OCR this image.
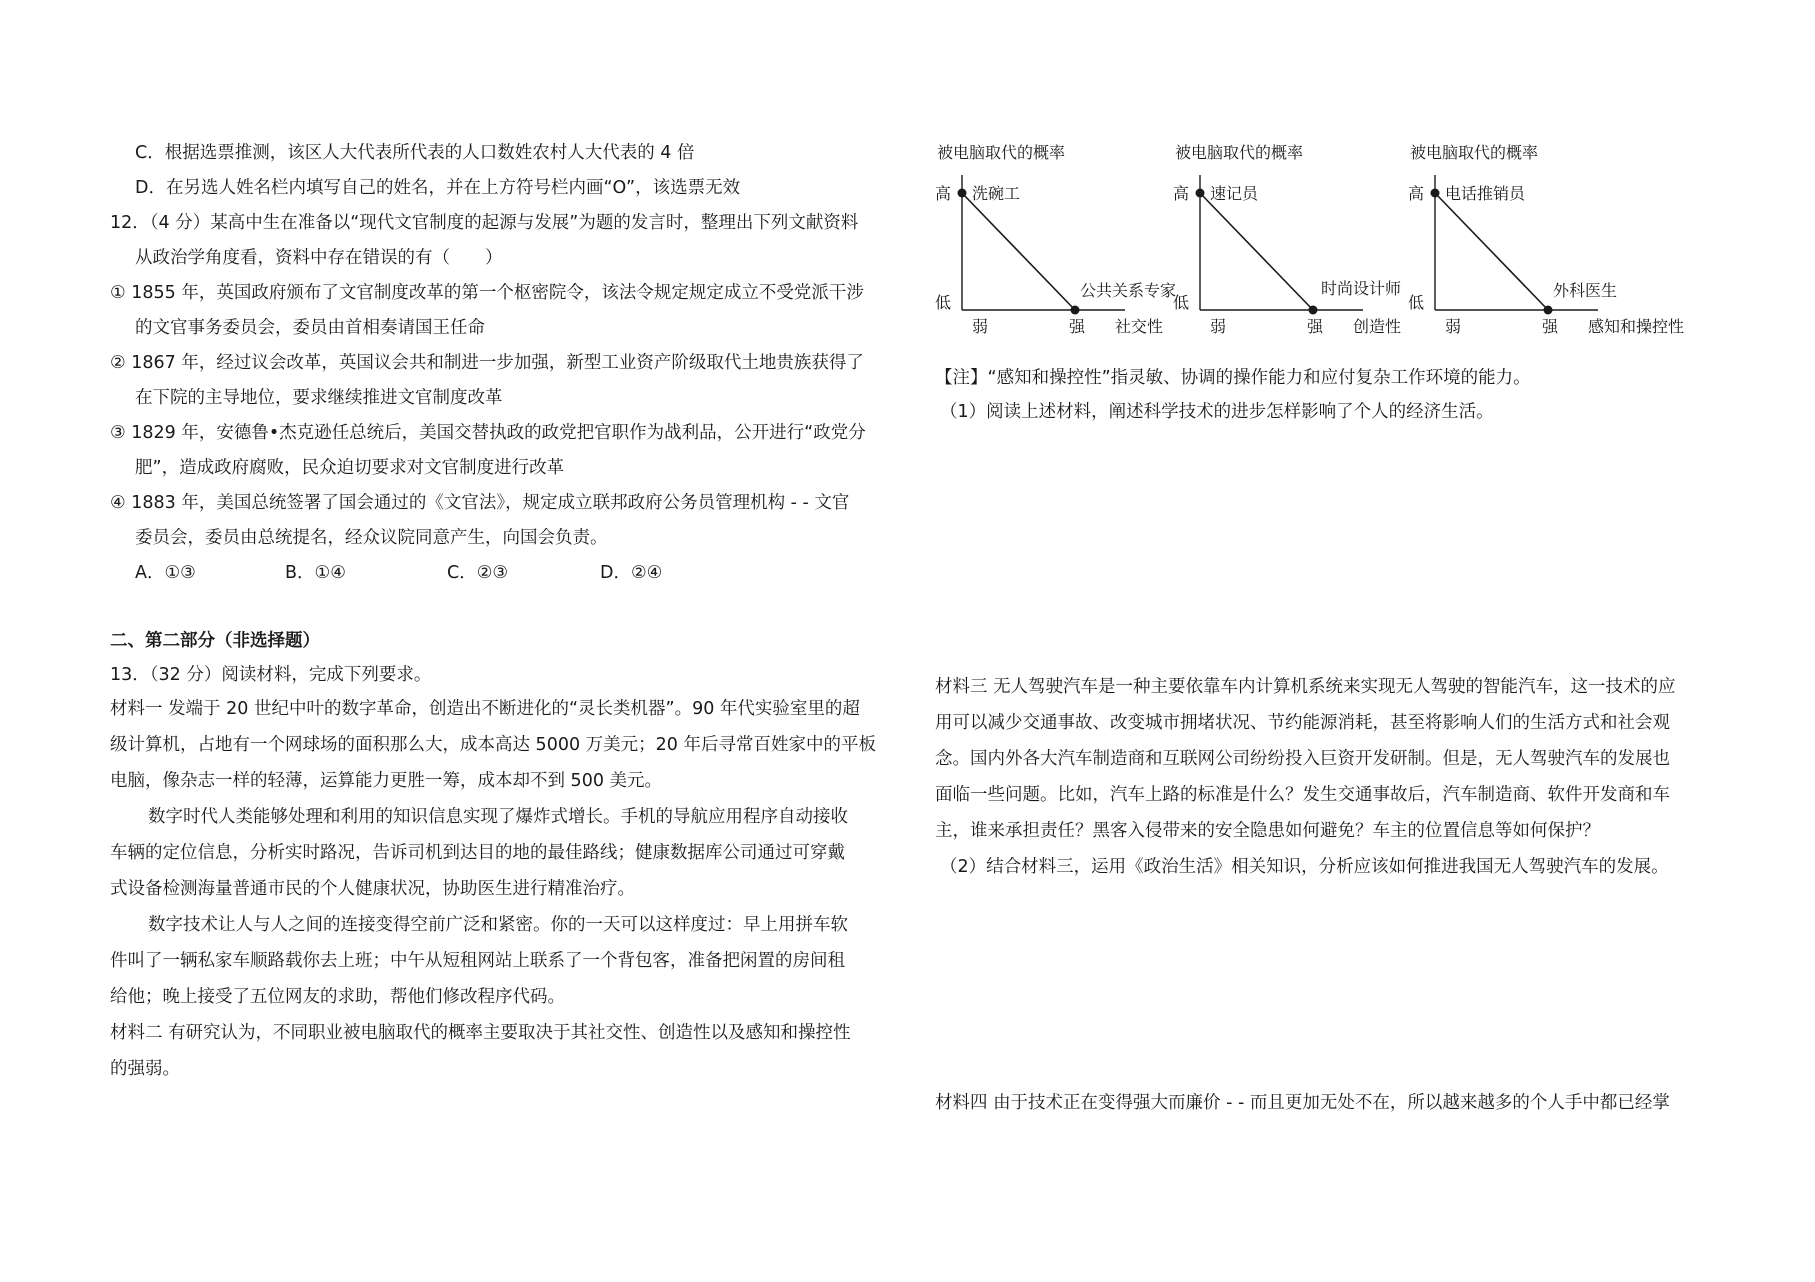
C．根据选票推测，该区人大代表所代表的人口数姓农村人大代表的 4 倍
D．在另选人姓名栏内填写自己的姓名，并在上方符号栏内画“O”，该选票无效
12．（4 分）某高中生在准备以“现代文官制度的起源与发展”为题的发言时，整理出下列文献资料
从政治学角度看，资料中存在错误的有（　　）
① 1855 年，英国政府颁布了文官制度改革的第一个枢密院令，该法令规定规定成立不受党派干涉
的文官事务委员会，委员由首相奏请国王任命
② 1867 年，经过议会改革，英国议会共和制进一步加强，新型工业资产阶级取代土地贵族获得了
在下院的主导地位，要求继续推进文官制度改革
③ 1829 年，安德鲁•杰克逊任总统后，美国交替执政的政党把官职作为战利品，公开进行“政党分
肥”，造成政府腐败，民众迫切要求对文官制度进行改革
④ 1883 年，美国总统签署了国会通过的《文官法》，规定成立联邦政府公务员管理机构 - - 文官
委员会，委员由总统提名，经众议院同意产生，向国会负责。
A．①③	B．①④	C．②③	D．②④
二、第二部分（非选择题）
13．（32 分）阅读材料，完成下列要求。
材料一 发端于 20 世纪中叶的数字革命，创造出不断进化的“灵长类机器”。90 年代实验室里的超
级计算机，占地有一个网球场的面积那么大，成本高达 5000 万美元；20 年后寻常百姓家中的平板
电脑，像杂志一样的轻薄，运算能力更胜一筹，成本却不到 500 美元。
数字时代人类能够处理和利用的知识信息实现了爆炸式增长。手机的导航应用程序自动接收
车辆的定位信息，分析实时路况，告诉司机到达目的地的最佳路线；健康数据库公司通过可穿戴
式设备检测海量普通市民的个人健康状况，协助医生进行精准治疗。
数字技术让人与人之间的连接变得空前广泛和紧密。你的一天可以这样度过：早上用拼车软
件叫了一辆私家车顺路载你去上班；中午从短租网站上联系了一个背包客，准备把闲置的房间租
给他；晚上接受了五位网友的求助，帮他们修改程序代码。
材料二 有研究认为，不同职业被电脑取代的概率主要取决于其社交性、创造性以及感知和操控性
的强弱。
被电脑取代的概率
高
低
弱	强 社交性
洗碗工
公共关系专家
被电脑取代的概率
高
低
弱	强 创造性
速记员
时尚设计师
被电脑取代的概率
高
低
弱	强 感知和操控性
电话推销员
外科医生
【注】“感知和操控性”指灵敏、协调的操作能力和应付复杂工作环境的能力。
（1）阅读上述材料，阐述科学技术的进步怎样影响了个人的经济生活。
材料三 无人驾驶汽车是一种主要依靠车内计算机系统来实现无人驾驶的智能汽车，这一技术的应
用可以减少交通事故、改变城市拥堵状况、节约能源消耗，甚至将影响人们的生活方式和社会观
念。国内外各大汽车制造商和互联网公司纷纷投入巨资开发研制。但是，无人驾驶汽车的发展也
面临一些问题。比如，汽车上路的标准是什么？发生交通事故后，汽车制造商、软件开发商和车
主，谁来承担责任？黑客入侵带来的安全隐患如何避免？车主的位置信息等如何保护？
（2）结合材料三，运用《政治生活》相关知识，分析应该如何推进我国无人驾驶汽车的发展。
材料四 由于技术正在变得强大而廉价 - - 而且更加无处不在，所以越来越多的个人手中都已经掌
